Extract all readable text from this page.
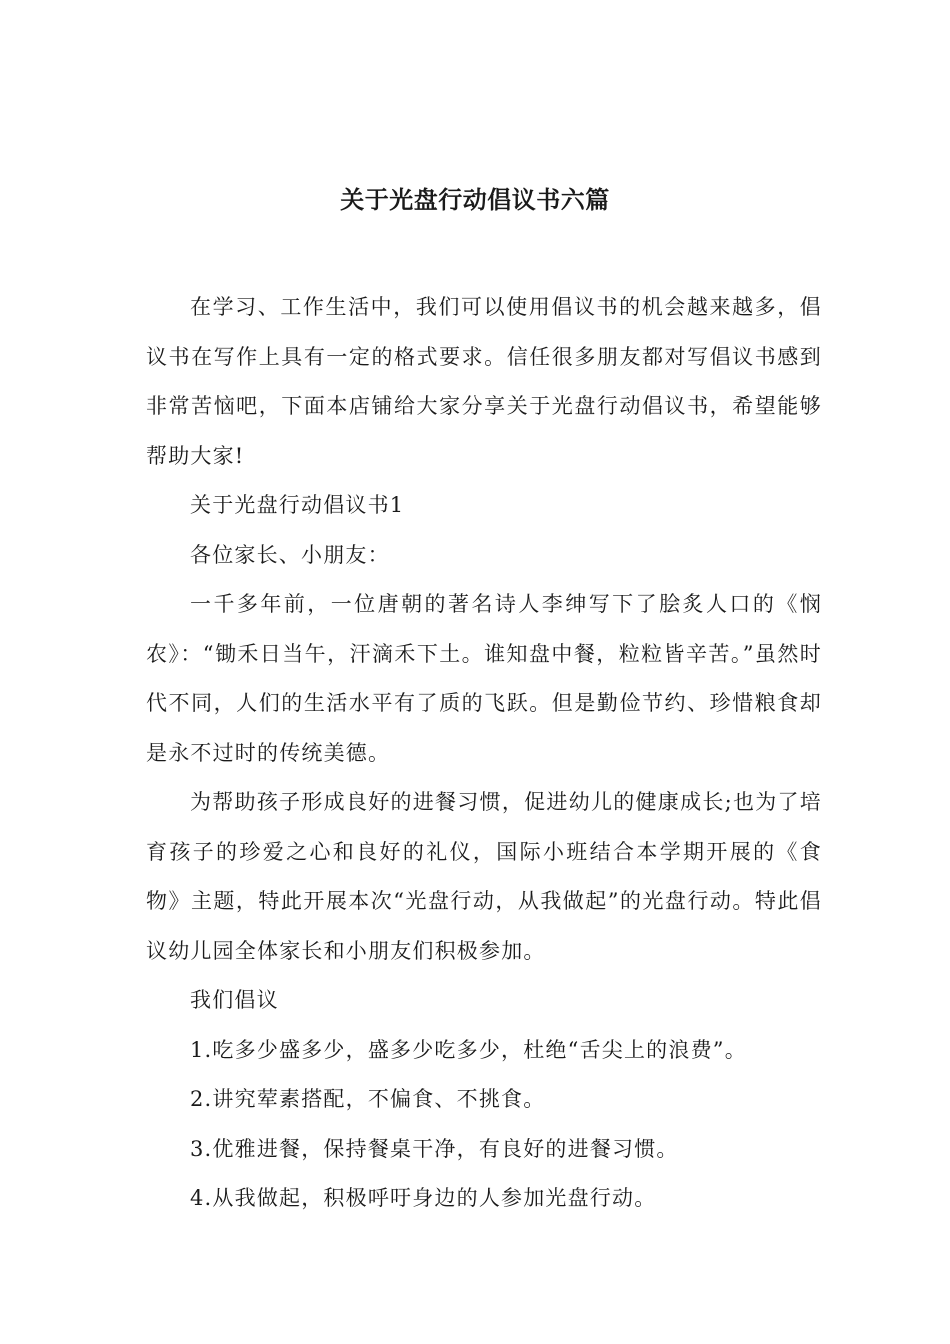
关于光盘行动倡议书六篇

在学习、工作生活中，我们可以使用倡议书的机会越来越多，倡议书在写作上具有一定的格式要求。信任很多朋友都对写倡议书感到非常苦恼吧，下面本店铺给大家分享关于光盘行动倡议书，希望能够帮助大家!

关于光盘行动倡议书1

各位家长、小朋友：

一千多年前，一位唐朝的著名诗人李绅写下了脍炙人口的《悯农》：“锄禾日当午，汗滴禾下土。谁知盘中餐，粒粒皆辛苦。”虽然时代不同，人们的生活水平有了质的飞跃。但是勤俭节约、珍惜粮食却是永不过时的传统美德。

为帮助孩子形成良好的进餐习惯，促进幼儿的健康成长;也为了培育孩子的珍爱之心和良好的礼仪，国际小班结合本学期开展的《食物》主题，特此开展本次“光盘行动，从我做起”的光盘行动。特此倡议幼儿园全体家长和小朋友们积极参加。

我们倡议

1.吃多少盛多少，盛多少吃多少，杜绝“舌尖上的浪费”。

2.讲究荤素搭配，不偏食、不挑食。

3.优雅进餐，保持餐桌干净，有良好的进餐习惯。

4.从我做起，积极呼吁身边的人参加光盘行动。
